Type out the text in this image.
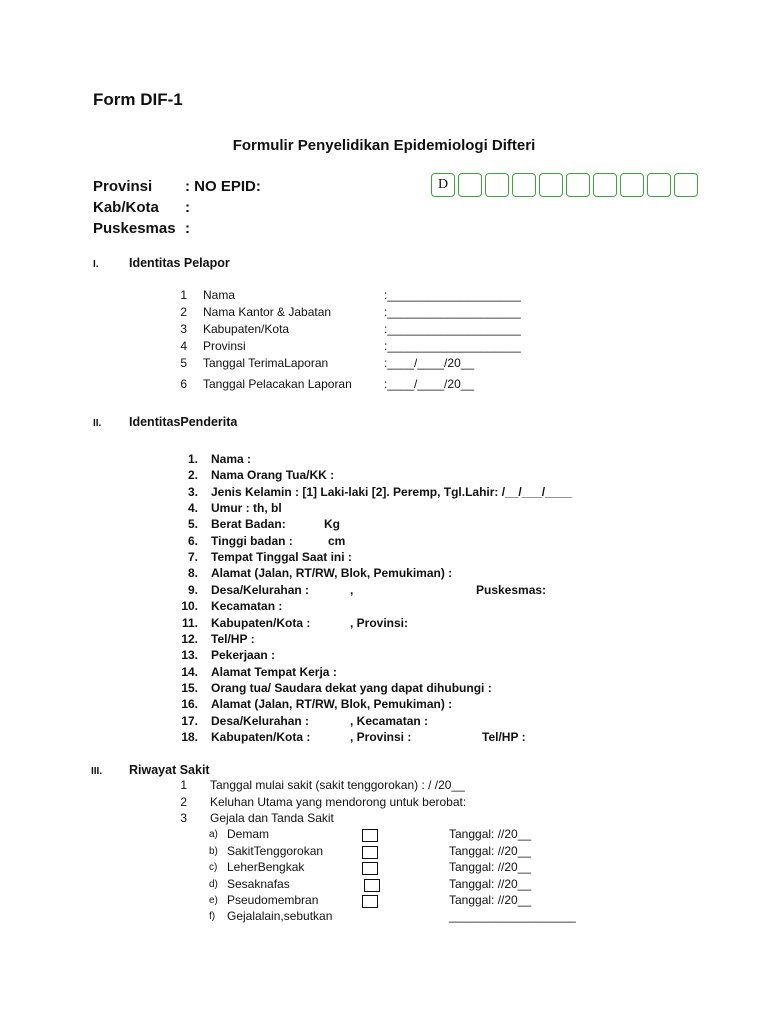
Form DIF-1
Formulir Penyelidikan Epidemiologi Difteri
Provinsi : NO EPID:
Kab/Kota :
Puskesmas :
D
I. Identitas Pelapor
1 Nama	:____________________
2 Nama Kantor & Jabatan	:____________________
3 Kabupaten/Kota	:____________________
4 Provinsi	:____________________
5 Tanggal TerimaLaporan	:____/____/20__
6 Tanggal Pelacakan Laporan	:____/____/20__
II. IdentitasPenderita
1. Nama :
2. Nama Orang Tua/KK :
3. Jenis Kelamin : [1] Laki-laki [2]. Peremp, Tgl.Lahir: /__/___/____
4. Umur : th, bl
5. Berat Badan:	Kg
6. Tinggi badan :	cm
7. Tempat Tinggal Saat ini :
8. Alamat (Jalan, RT/RW, Blok, Pemukiman) :
9. Desa/Kelurahan :	,	Puskesmas:
10. Kecamatan :
11. Kabupaten/Kota :	, Provinsi:
12. Tel/HP :
13. Pekerjaan :
14. Alamat Tempat Kerja :
15. Orang tua/ Saudara dekat yang dapat dihubungi :
16. Alamat (Jalan, RT/RW, Blok, Pemukiman) :
17. Desa/Kelurahan :	, Kecamatan :
18. Kabupaten/Kota :	, Provinsi :	Tel/HP :
III. Riwayat Sakit
1 Tanggal mulai sakit (sakit tenggorokan) : / /20__
2 Keluhan Utama yang mendorong untuk berobat:
3 Gejala dan Tanda Sakit
a) Demam	Tanggal: //20__
b) SakitTenggorokan	Tanggal: //20__
c) LeherBengkak	Tanggal: //20__
d) Sesaknafas	Tanggal: //20__
e) Pseudomembran	Tanggal: //20__
f) Gejalalain,sebutkan	___________________
